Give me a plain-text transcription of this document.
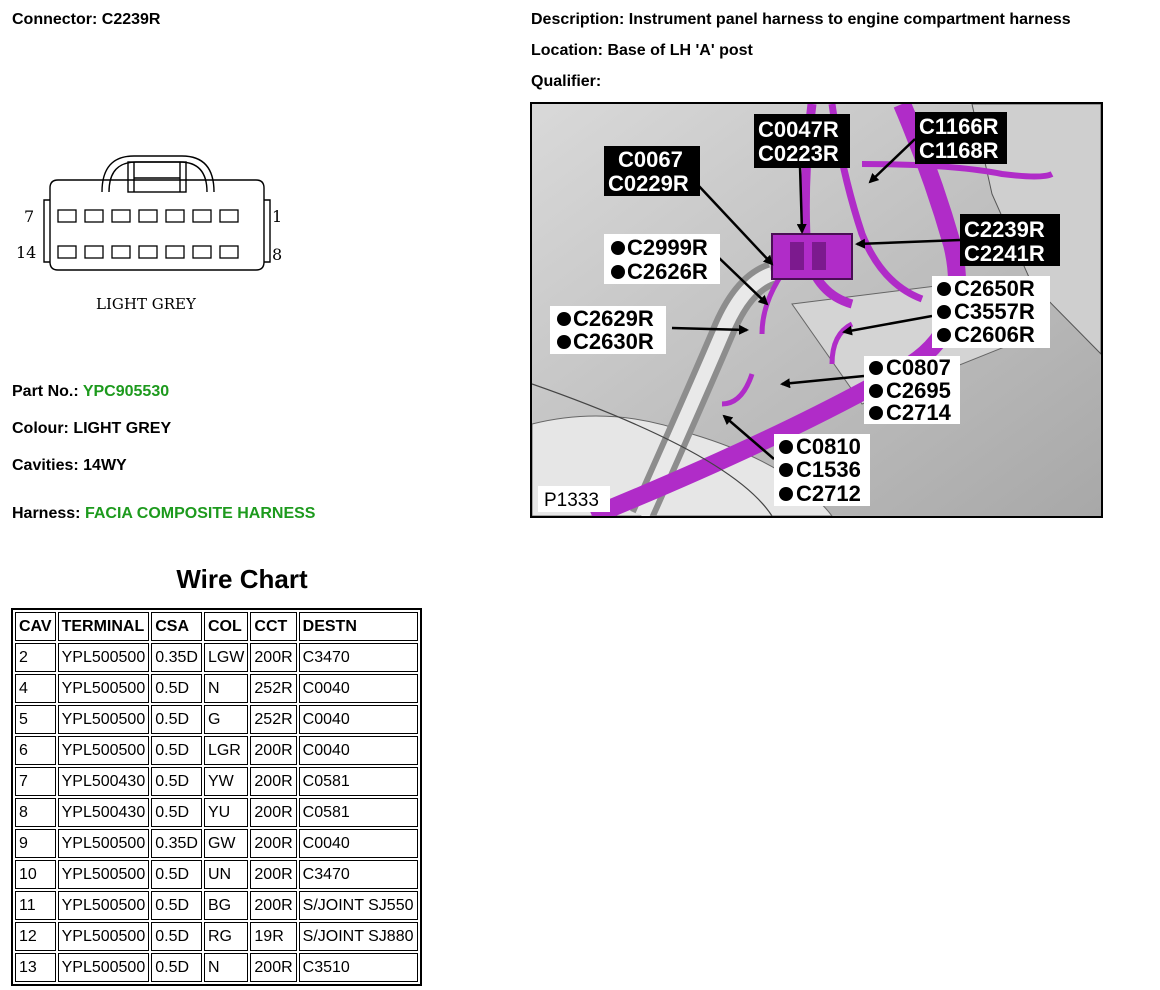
Connector: C2239R	Description: Instrument panel harness to engine compartment harness
Location: Base of LH 'A' post
Qualifier:
7	1
14	8
LIGHT GREY
Part No.: YPC905530
Colour: LIGHT GREY
Cavities: 14WY
Harness: FACIA COMPOSITE HARNESS
C0047R
C0223R
C1166R
C1168R
C0067
C0229R
C2239R
C2241R
C2999R
C2626R
C2650R
C3557R
C2606R
C2629R
C2630R
C0807
C2695
C2714
C0810
C1536
C2712
P1333
Wire Chart
CAV	TERMINAL	CSA	COL	CCT	DESTN
2	YPL500500	0.35D	LGW	200R	C3470
4	YPL500500	0.5D	N	252R	C0040
5	YPL500500	0.5D	G	252R	C0040
6	YPL500500	0.5D	LGR	200R	C0040
7	YPL500430	0.5D	YW	200R	C0581
8	YPL500430	0.5D	YU	200R	C0581
9	YPL500500	0.35D	GW	200R	C0040
10	YPL500500	0.5D	UN	200R	C3470
11	YPL500500	0.5D	BG	200R	S/JOINT SJ550
12	YPL500500	0.5D	RG	19R	S/JOINT SJ880
13	YPL500500	0.5D	N	200R	C3510
